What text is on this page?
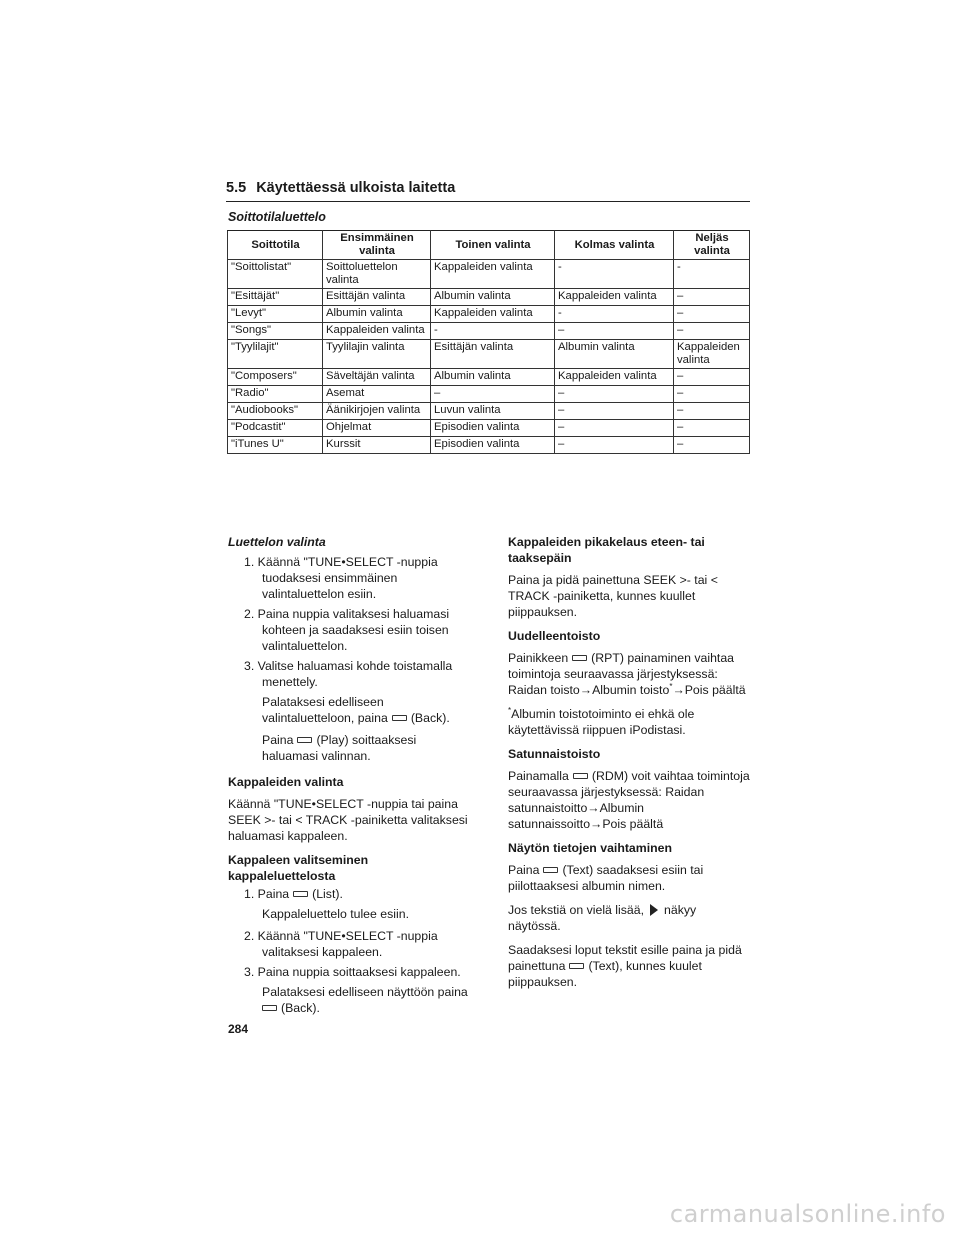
5.5 Käytettäessä ulkoista laitetta
Soittotilaluettelo
Soittotila	Ensimmäinen valinta	Toinen valinta	Kolmas valinta	Neljäs valinta
"Soittolistat"	Soittoluettelon valinta	Kappaleiden valinta	-	-
"Esittäjät"	Esittäjän valinta	Albumin valinta	Kappaleiden valinta	–
"Levyt"	Albumin valinta	Kappaleiden valinta	-	–
"Songs"	Kappaleiden valinta	-	–	–
"Tyylilajit"	Tyylilajin valinta	Esittäjän valinta	Albumin valinta	Kappaleiden valinta
"Composers"	Säveltäjän valinta	Albumin valinta	Kappaleiden valinta	–
"Radio"	Asemat	–	–	–
"Audiobooks"	Äänikirjojen valinta	Luvun valinta	–	–
"Podcastit"	Ohjelmat	Episodien valinta	–	–
"iTunes U"	Kurssit	Episodien valinta	–	–

Luettelon valinta

1. Käännä "TUNE•SELECT -nuppia tuodaksesi ensimmäinen valintaluettelon esiin.

2. Paina nuppia valitaksesi haluamasi kohteen ja saadaksesi esiin toisen valintaluettelon.

3. Valitse haluamasi kohde toistamalla menettely.

Palataksesi edelliseen valintaluetteloon, paina (Back).

Paina (Play) soittaaksesi haluamasi valinnan.

Kappaleiden valinta

Käännä "TUNE•SELECT -nuppia tai paina SEEK >- tai < TRACK -painiketta valitaksesi haluamasi kappaleen.

Kappaleen valitseminen kappaleluettelosta

1. Paina (List).

Kappaleluettelo tulee esiin.

2. Käännä "TUNE•SELECT -nuppia valitaksesi kappaleen.

3. Paina nuppia soittaaksesi kappaleen.

Palataksesi edelliseen näyttöön paina
(Back).

Kappaleiden pikakelaus eteen- tai taaksepäin

Paina ja pidä painettuna SEEK >- tai < TRACK -painiketta, kunnes kuullet piippauksen.

Uudelleentoisto

Painikkeen (RPT) painaminen vaihtaa toimintoja seuraavassa järjestyksessä: Raidan toisto→Albumin toisto*→Pois päältä

*Albumin toistotoiminto ei ehkä ole käytettävissä riippuen iPodistasi.

Satunnaistoisto

Painamalla (RDM) voit vaihtaa toimintoja seuraavassa järjestyksessä: Raidan satunnaistoitto→Albumin satunnaissoitto→Pois päältä

Näytön tietojen vaihtaminen

Paina (Text) saadaksesi esiin tai piilottaaksesi albumin nimen.

Jos tekstiä on vielä lisää, näkyy näytössä.

Saadaksesi loput tekstit esille paina ja pidä painettuna (Text), kunnes kuulet piippauksen.

284
carmanualsonline.info
